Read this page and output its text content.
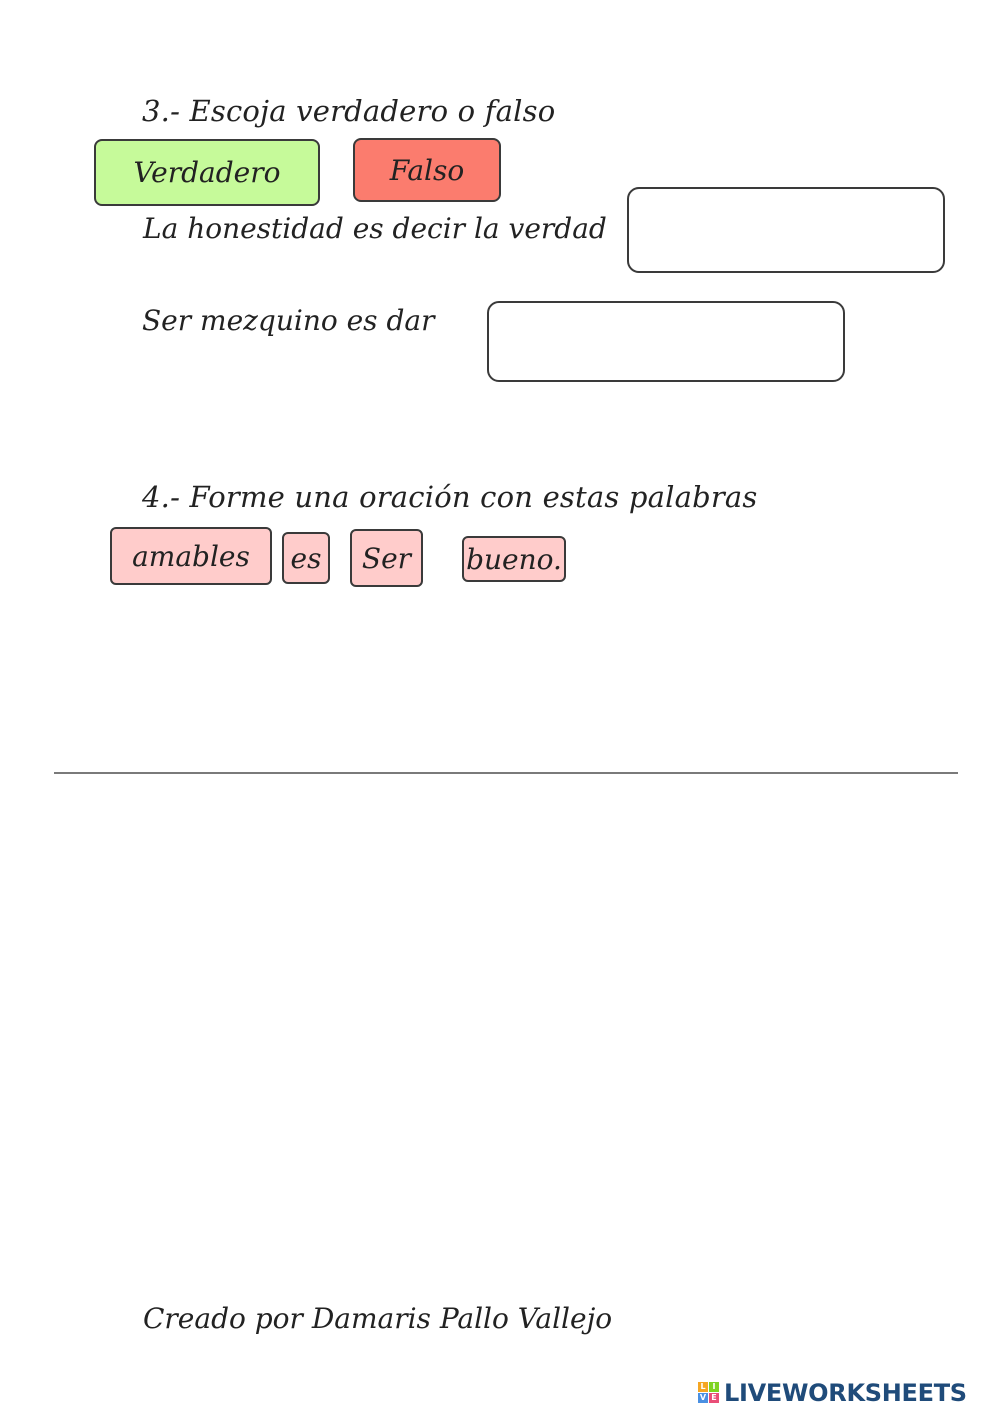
3.- Escoja verdadero o falso
Verdadero	Falso
La honestidad es decir la verdad
Ser mezquino es dar
4.- Forme una oración con estas palabras
amables es Ser bueno.
Creado por Damaris Pallo Vallejo
L I
V E LIVEWORKSHEETS
